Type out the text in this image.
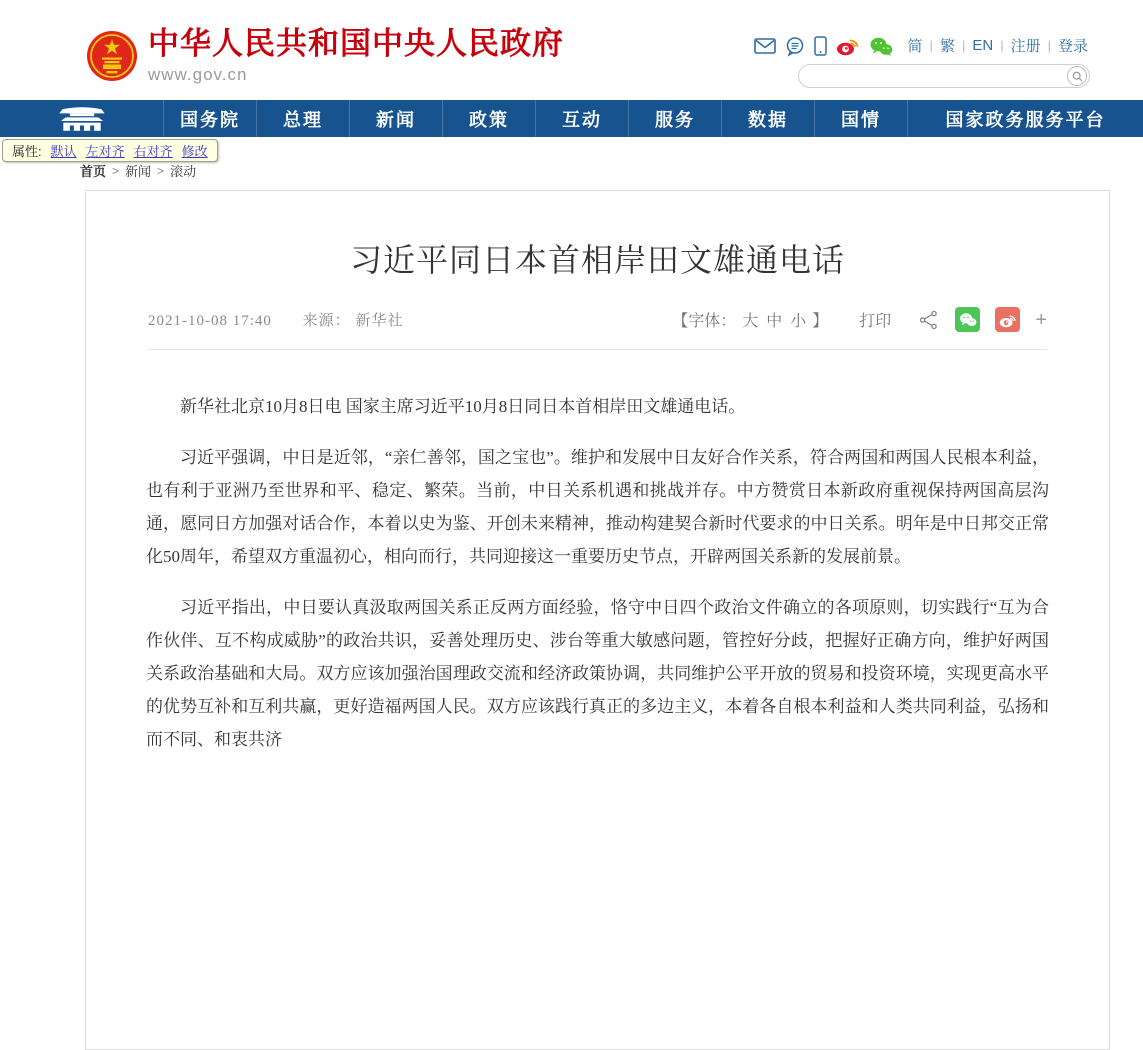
中华人民共和国中央人民政府
www.gov.cn
简 | 繁 | EN | 注册 | 登录
国务院 总理	新闻	政策	互动	服务	数据	国情	国家政务服务平台
属性: 默认 左对齐 右对齐 修改
首页 > 新闻 > 滚动
习近平同日本首相岸田文雄通电话
2021-10-08 17:40 来源： 新华社	【字体： 大 中 小 】 打印	+

新华社北京10月8日电 国家主席习近平10月8日同日本首相岸田文雄通电话。

习近平强调，中日是近邻，“亲仁善邻，国之宝也”。维护和发展中日友好合作关系，符合两国和两国人民根本利益，也有利于亚洲乃至世界和平、稳定、繁荣。当前，中日关系机遇和挑战并存。中方赞赏日本新政府重视保持两国高层沟通，愿同日方加强对话合作，本着以史为鉴、开创未来精神，推动构建契合新时代要求的中日关系。明年是中日邦交正常化50周年，希望双方重温初心，相向而行，共同迎接这一重要历史节点，开辟两国关系新的发展前景。

习近平指出，中日要认真汲取两国关系正反两方面经验，恪守中日四个政治文件确立的各项原则，切实践行“互为合作伙伴、互不构成威胁”的政治共识，妥善处理历史、涉台等重大敏感问题，管控好分歧，把握好正确方向，维护好两国关系政治基础和大局。双方应该加强治国理政交流和经济政策协调，共同维护公平开放的贸易和投资环境，实现更高水平的优势互补和互利共赢，更好造福两国人民。双方应该践行真正的多边主义，本着各自根本利益和人类共同利益，弘扬和而不同、和衷共济
